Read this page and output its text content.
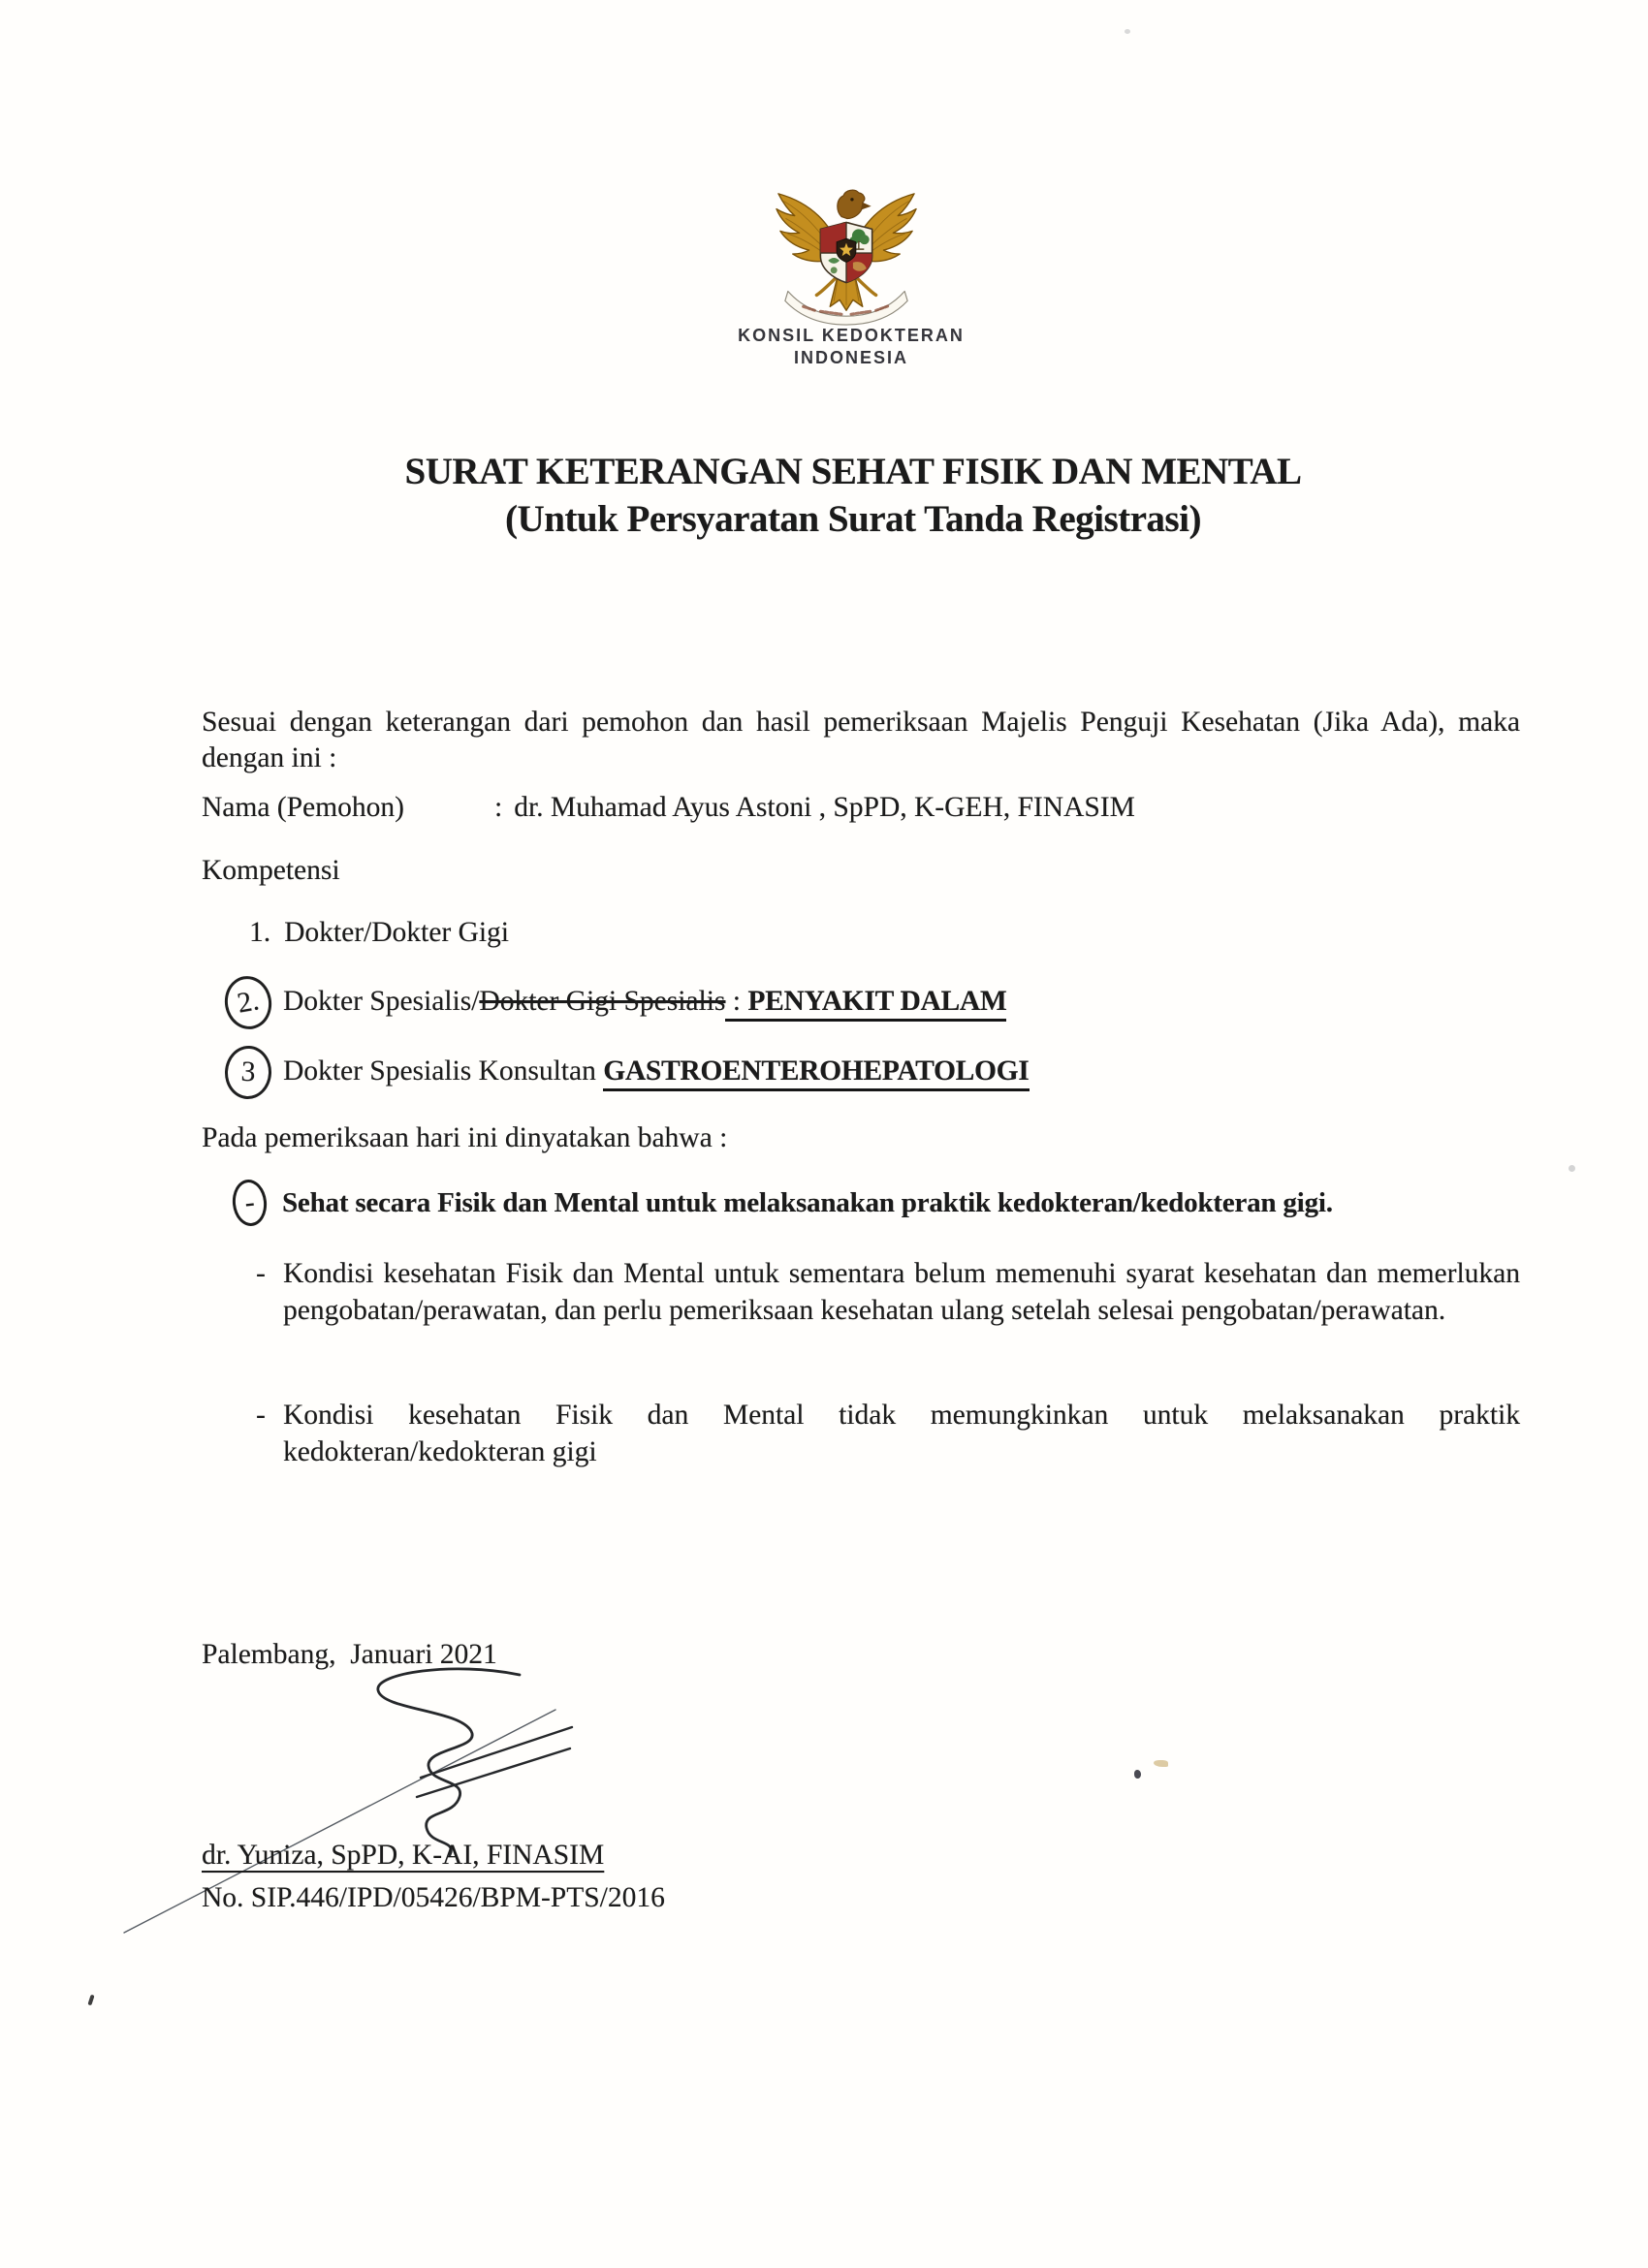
KONSIL KEDOKTERAN
INDONESIA
SURAT KETERANGAN SEHAT FISIK DAN MENTAL
(Untuk Persyaratan Surat Tanda Registrasi)

Sesuai dengan keterangan dari pemohon dan hasil pemeriksaan Majelis Penguji Kesehatan (Jika Ada), maka dengan ini :

Nama (Pemohon)	: dr. Muhamad Ayus Astoni , SpPD, K-GEH, FINASIM
Kompetensi
1. Dokter/Dokter Gigi
2. Dokter Spesialis/Dokter Gigi Spesialis : PENYAKIT DALAM
3 Dokter Spesialis Konsultan GASTROENTEROHEPATOLOGI
Pada pemeriksaan hari ini dinyatakan bahwa :
- Sehat secara Fisik dan Mental untuk melaksanakan praktik kedokteran/kedokteran gigi.
- Kondisi kesehatan Fisik dan Mental untuk sementara belum memenuhi syarat kesehatan dan memerlukan pengobatan/perawatan, dan perlu pemeriksaan kesehatan ulang setelah selesai pengobatan/perawatan.
- Kondisi kesehatan Fisik dan Mental tidak memungkinkan untuk melaksanakan praktik kedokteran/kedokteran gigi
Palembang,  Januari 2021
dr. Yuniza, SpPD, K-AI, FINASIM
No. SIP.446/IPD/05426/BPM-PTS/2016
